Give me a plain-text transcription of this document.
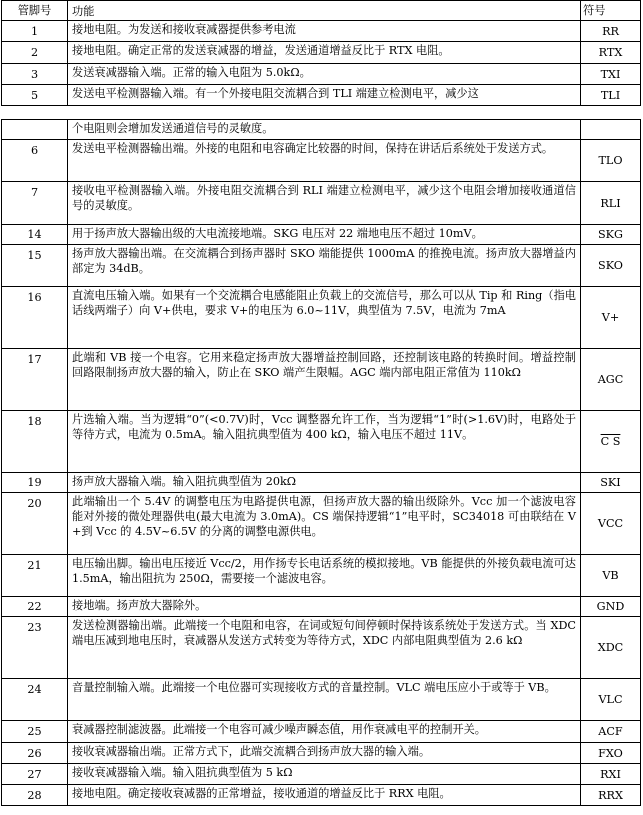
管脚号	功能	符号
1	接地电阻。为发送和接收衰减器提供参考电流	RR
2	接地电阻。确定正常的发送衰减器的增益，发送通道增益反比于 RTX 电阻。	RTX
3	发送衰减器输入端。正常的输入电阻为 5.0kΩ。	TXI
5	发送电平检测器输入端。有一个外接电阻交流耦合到 TLI 端建立检测电平，减少这	TLI
	个电阻则会增加发送通道信号的灵敏度。	
6	发送电平检测器输出端。外接的电阻和电容确定比较器的时间，保持在讲话后系统处于发送方式。	TLO
7	接收电平检测器输入端。外接电阻交流耦合到 RLI 端建立检测电平，减少这个电阻会增加接收通道信号的灵敏度。	RLI
14	用于扬声放大器输出级的大电流接地端。SKG 电压对 22 端地电压不超过 10mV。	SKG
15	扬声放大器输出端。在交流耦合到扬声器时 SKO 端能提供 1000mA 的推挽电流。扬声放大器增益内部定为 34dB。	SKO
16	直流电压输入端。如果有一个交流耦合电感能阻止负载上的交流信号，那么可以从 Tip 和 Ring（指电话线两端子）向 V+供电，要求 V+的电压为 6.0~11V，典型值为 7.5V，电流为 7mA	V+
17	此端和 VB 接一个电容。它用来稳定扬声放大器增益控制回路，还控制该电路的转换时间。增益控制回路限制扬声放大器的输入，防止在 SKO 端产生限幅。AGC 端内部电阻正常值为 110kΩ	AGC
18	片选输入端。当为逻辑“0”(<0.7V)时，Vcc 调整器允许工作，当为逻辑“1”时(>1.6V)时，电路处于等待方式，电流为 0.5mA。输入阻抗典型值为 400 kΩ，输入电压不超过 11V。	C S
19	扬声放大器输入端。输入阻抗典型值为 20kΩ	SKI
20	此端输出一个 5.4V 的调整电压为电路提供电源，但扬声放大器的输出级除外。Vcc 加一个滤波电容能对外接的微处理器供电(最大电流为 3.0mA)。CS 端保持逻辑“1”电平时，SC34018 可由联结在 V+到 Vcc 的 4.5V~6.5V 的分离的调整电源供电。	VCC
21	电压输出脚。输出电压接近 Vcc/2，用作扬专长电话系统的模拟接地。VB 能提供的外接负载电流可达 1.5mA，输出阻抗为 250Ω，需要接一个滤波电容。	VB
22	接地端。扬声放大器除外。	GND
23	发送检测器输出端。此端接一个电阻和电容，在词或短句间停顿时保持该系统处于发送方式。当 XDC 端电压减到地电压时，衰减器从发送方式转变为等待方式，XDC 内部电阻典型值为 2.6 kΩ	XDC
24	音量控制输入端。此端接一个电位器可实现接收方式的音量控制。VLC 端电压应小于或等于 VB。	VLC
25	衰减器控制滤波器。此端接一个电容可减少噪声瞬态值，用作衰减电平的控制开关。	ACF
26	接收衰减器输出端。正常方式下，此端交流耦合到扬声放大器的输入端。	FXO
27	接收衰减器输入端。输入阻抗典型值为 5 kΩ	RXI
28	接地电阻。确定接收衰减器的正常增益，接收通道的增益反比于 RRX 电阻。	RRX
